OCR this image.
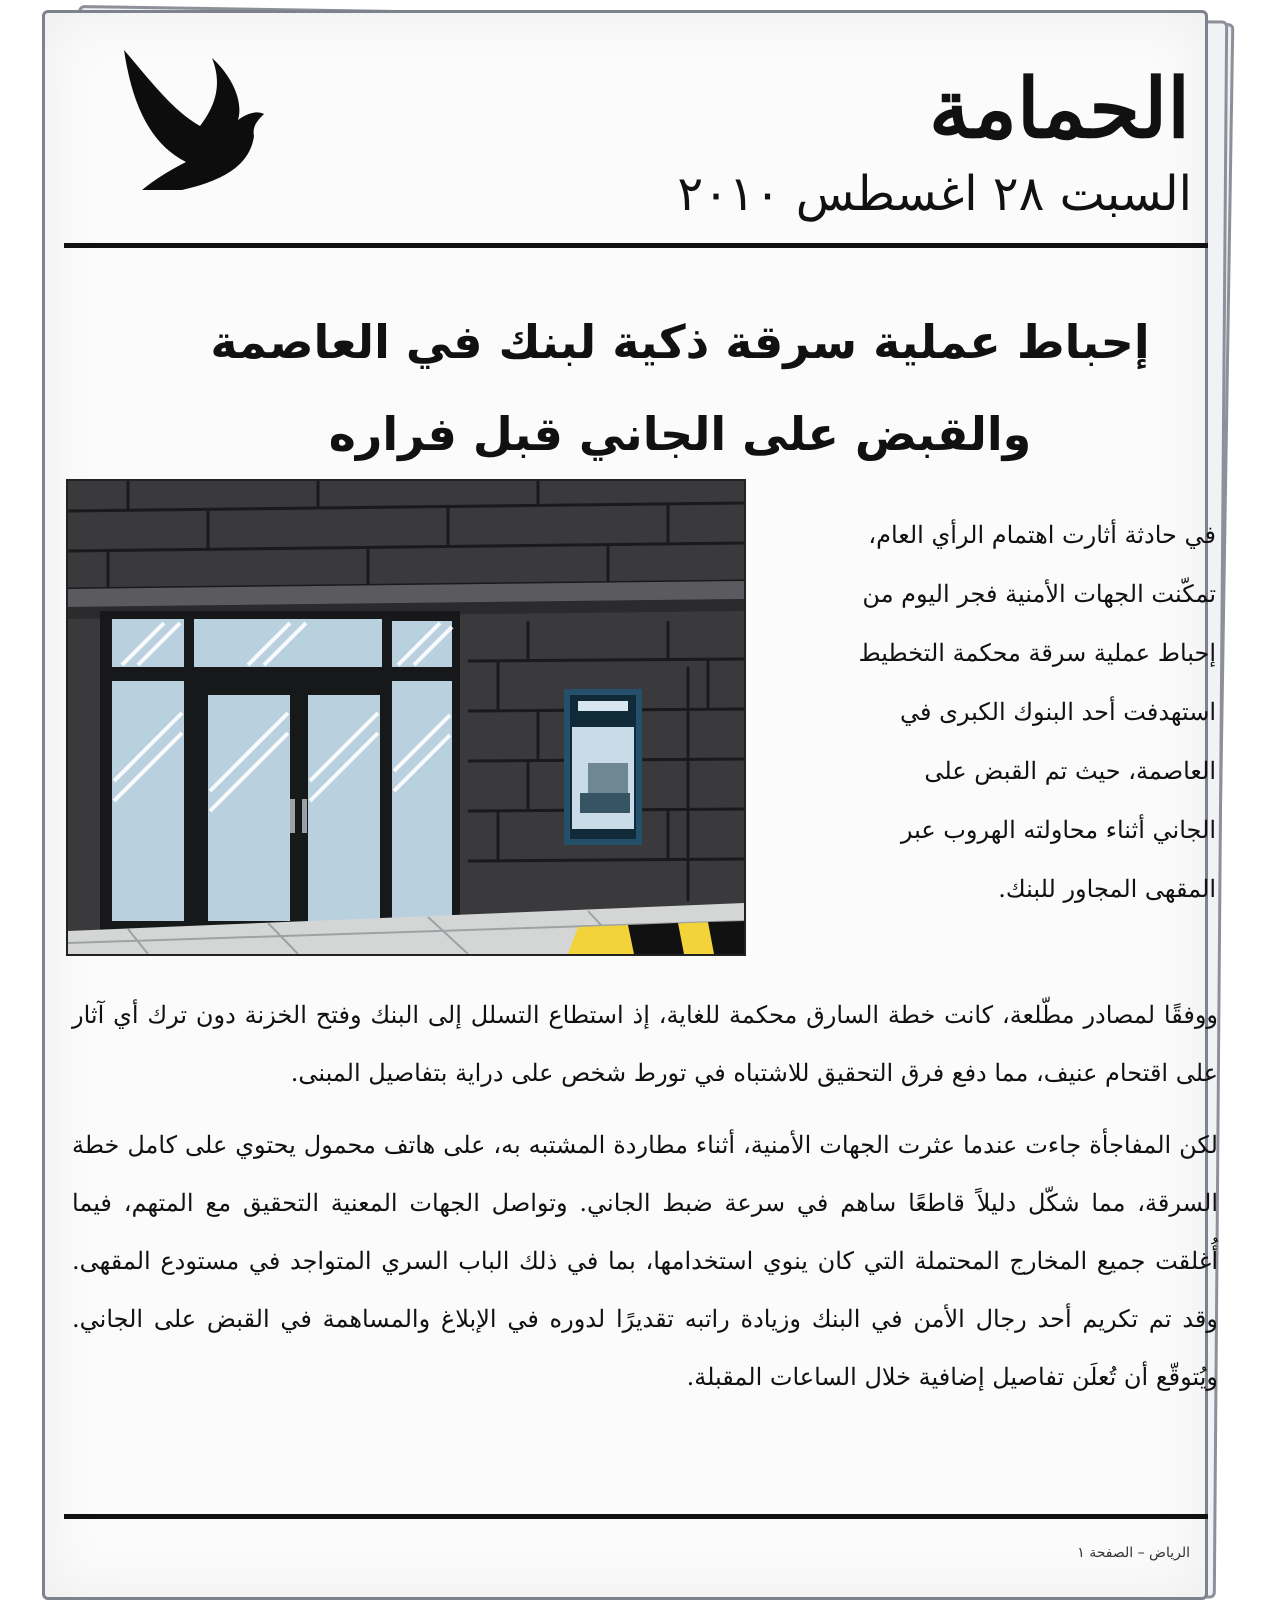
الحمامة
السبت ٢٨ اغسطس ٢٠١٠
إحباط عملية سرقة ذكية لبنك في العاصمة والقبض على الجاني قبل فراره

في حادثة أثارت اهتمام الرأي العام،

تمكّنت الجهات الأمنية فجر اليوم من

إحباط عملية سرقة محكمة التخطيط

استهدفت أحد البنوك الكبرى في

العاصمة، حيث تم القبض على

الجاني أثناء محاولته الهروب عبر

المقهى المجاور للبنك.

ووفقًا لمصادر مطّلعة، كانت خطة السارق محكمة للغاية، إذ استطاع التسلل إلى البنك وفتح الخزنة دون ترك أي آثار على اقتحام عنيف، مما دفع فرق التحقيق للاشتباه في تورط شخص على دراية بتفاصيل المبنى.

لكن المفاجأة جاءت عندما عثرت الجهات الأمنية، أثناء مطاردة المشتبه به، على هاتف محمول يحتوي على كامل خطة السرقة، مما شكّل دليلاً قاطعًا ساهم في سرعة ضبط الجاني. وتواصل الجهات المعنية التحقيق مع المتهم، فيما أُغلقت جميع المخارج المحتملة التي كان ينوي استخدامها، بما في ذلك الباب السري المتواجد في مستودع المقهى. وقد تم تكريم أحد رجال الأمن في البنك وزيادة راتبه تقديرًا لدوره في الإبلاغ والمساهمة في القبض على الجاني. ويُتوقّع أن تُعلَن تفاصيل إضافية خلال الساعات المقبلة.

الرياض – الصفحة ١
